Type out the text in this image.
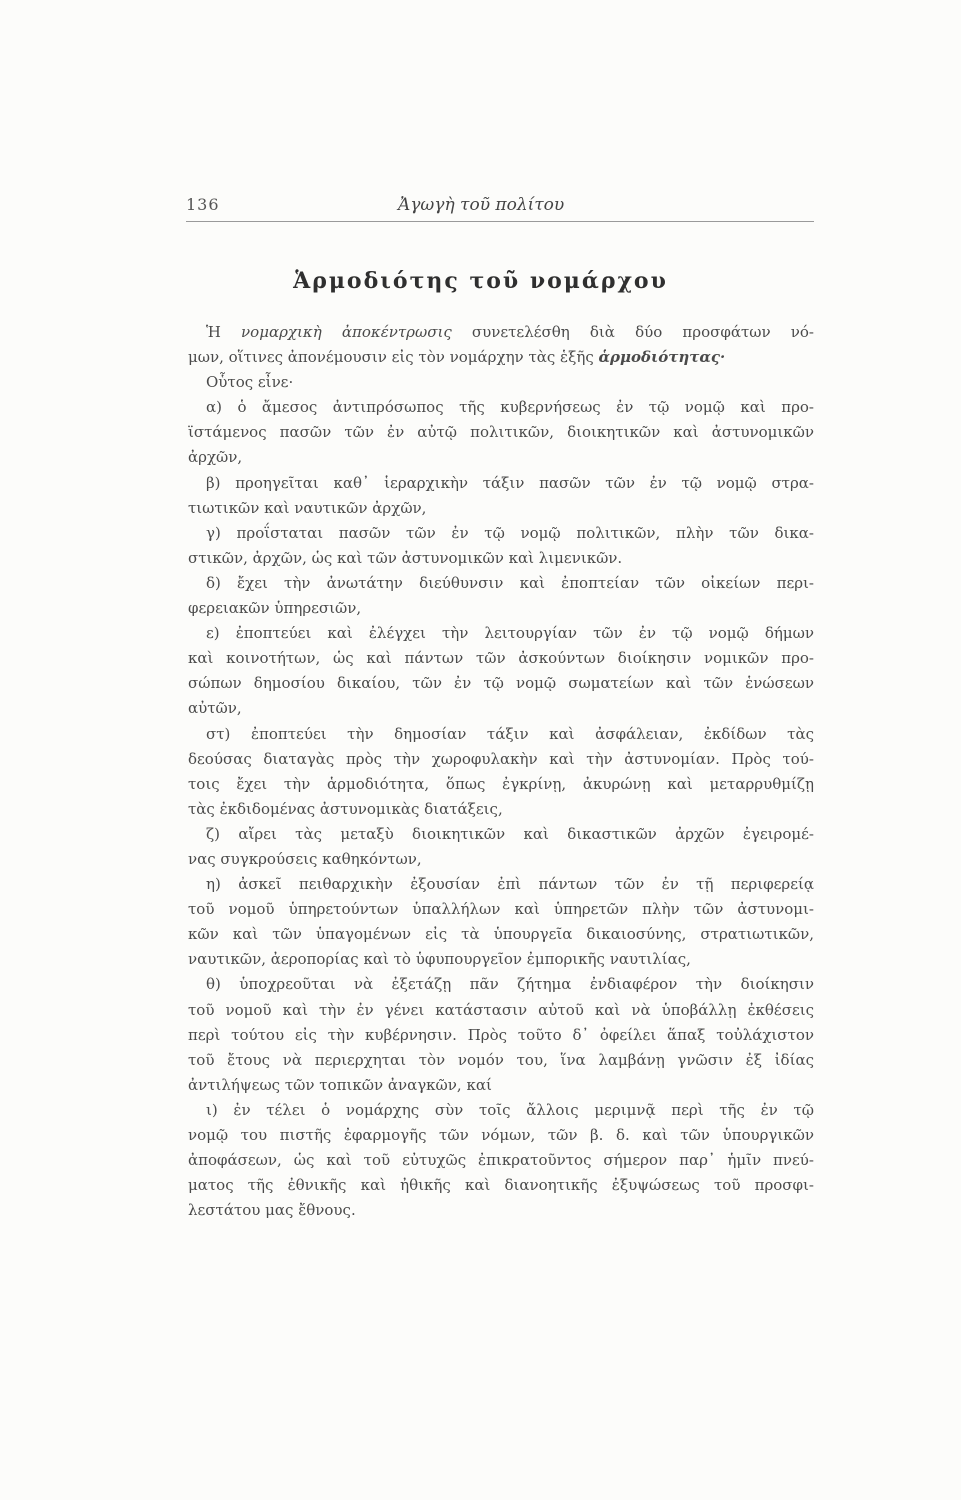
136	Ἀγωγὴ τοῦ πολίτου
Ἁρμοδιότης τοῦ νομάρχου
Ἡ νομαρχικὴ ἀποκέντρωσις συνετελέσθη διὰ δύο προσφάτων νό-
μων, οἵτινες ἀπονέμουσιν εἰς τὸν νομάρχην τὰς ἑξῆς ἁρμοδιότητας·
Οὗτος εἶνε·
α) ὁ ἄμεσος ἀντιπρόσωπος τῆς κυβερνήσεως ἐν τῷ νομῷ καὶ προ-
ϊστάμενος πασῶν τῶν ἐν αὐτῷ πολιτικῶν, διοικητικῶν καὶ ἀστυνομικῶν
ἀρχῶν,
β) προηγεῖται καθ᾽ ἱεραρχικὴν τάξιν πασῶν τῶν ἐν τῷ νομῷ στρα-
τιωτικῶν καὶ ναυτικῶν ἀρχῶν,
γ) προΐσταται πασῶν τῶν ἐν τῷ νομῷ πολιτικῶν, πλὴν τῶν δικα-
στικῶν, ἀρχῶν, ὡς καὶ τῶν ἀστυνομικῶν καὶ λιμενικῶν.
δ) ἔχει τὴν ἀνωτάτην διεύθυνσιν καὶ ἐποπτείαν τῶν οἰκείων περι-
φερειακῶν ὑπηρεσιῶν,
ε) ἐποπτεύει καὶ ἐλέγχει τὴν λειτουργίαν τῶν ἐν τῷ νομῷ δήμων
καὶ κοινοτήτων, ὡς καὶ πάντων τῶν ἀσκούντων διοίκησιν νομικῶν προ-
σώπων δημοσίου δικαίου, τῶν ἐν τῷ νομῷ σωματείων καὶ τῶν ἑνώσεων
αὐτῶν,
στ) ἐποπτεύει τὴν δημοσίαν τάξιν καὶ ἀσφάλειαν, ἐκδίδων τὰς
δεούσας διαταγὰς πρὸς τὴν χωροφυλακὴν καὶ τὴν ἀστυνομίαν. Πρὸς τού-
τοις ἔχει τὴν ἁρμοδιότητα, ὅπως ἐγκρίνῃ, ἀκυρώνῃ καὶ μεταρρυθμίζῃ
τὰς ἐκδιδομένας ἀστυνομικὰς διατάξεις,
ζ) αἴρει τὰς μεταξὺ διοικητικῶν καὶ δικαστικῶν ἀρχῶν ἐγειρομέ-
νας συγκρούσεις καθηκόντων,
η) ἀσκεῖ πειθαρχικὴν ἐξουσίαν ἐπὶ πάντων τῶν ἐν τῇ περιφερείᾳ
τοῦ νομοῦ ὑπηρετούντων ὑπαλλήλων καὶ ὑπηρετῶν πλὴν τῶν ἀστυνομι-
κῶν καὶ τῶν ὑπαγομένων εἰς τὰ ὑπουργεῖα δικαιοσύνης, στρατιωτικῶν,
ναυτικῶν, ἀεροπορίας καὶ τὸ ὑφυπουργεῖον ἐμπορικῆς ναυτιλίας,
θ) ὑποχρεοῦται νὰ ἐξετάζῃ πᾶν ζήτημα ἐνδιαφέρον τὴν διοίκησιν
τοῦ νομοῦ καὶ τὴν ἐν γένει κατάστασιν αὐτοῦ καὶ νὰ ὑποβάλλῃ ἐκθέσεις
περὶ τούτου εἰς τὴν κυβέρνησιν. Πρὸς τοῦτο δ᾽ ὀφείλει ἅπαξ τοὐλάχιστον
τοῦ ἔτους νὰ περιερχηται τὸν νομόν του, ἵνα λαμβάνῃ γνῶσιν ἐξ ἰδίας
ἀντιλήψεως τῶν τοπικῶν ἀναγκῶν, καί
ι) ἐν τέλει ὁ νομάρχης σὺν τοῖς ἄλλοις μεριμνᾷ περὶ τῆς ἐν τῷ
νομῷ του πιστῆς ἐφαρμογῆς τῶν νόμων, τῶν β. δ. καὶ τῶν ὑπουργικῶν
ἀποφάσεων, ὡς καὶ τοῦ εὐτυχῶς ἐπικρατοῦντος σήμερον παρ᾽ ἡμῖν πνεύ-
ματος τῆς ἐθνικῆς καὶ ἠθικῆς καὶ διανοητικῆς ἐξυψώσεως τοῦ προσφι-
λεστάτου μας ἔθνους.
